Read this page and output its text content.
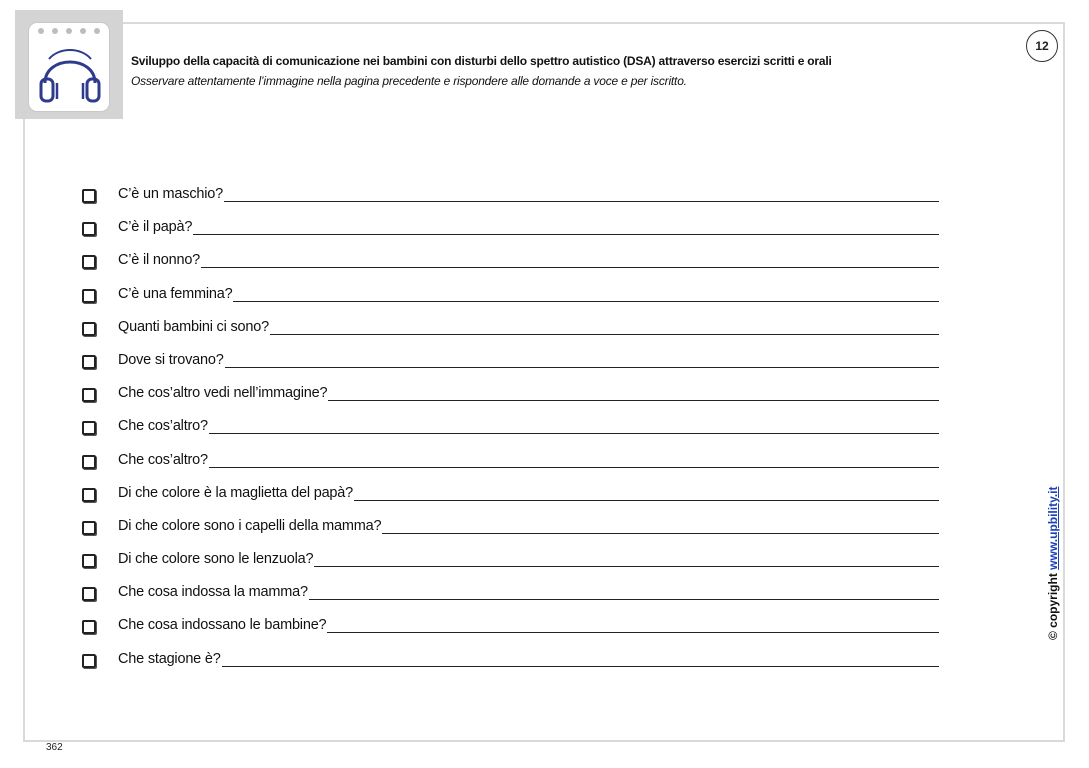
Sviluppo della capacità di comunicazione nei bambini con disturbi dello spettro autistico (DSA) attraverso esercizi scritti e orali
Osservare attentamente l’immagine nella pagina precedente e rispondere alle domande a voce e per iscritto.
12
C’è un maschio?
C’è il papà?
C’è il nonno?
C’è una femmina?
Quanti bambini ci sono?
Dove si trovano?
Che cos’altro vedi nell’immagine?
Che cos’altro?
Che cos’altro?
Di che colore è la maglietta del papà?
Di che colore sono i capelli della mamma?
Di che colore sono le lenzuola?
Che cosa indossa la mamma?
Che cosa indossano le bambine?
Che stagione è?
© copyright www.upbility.it
362
